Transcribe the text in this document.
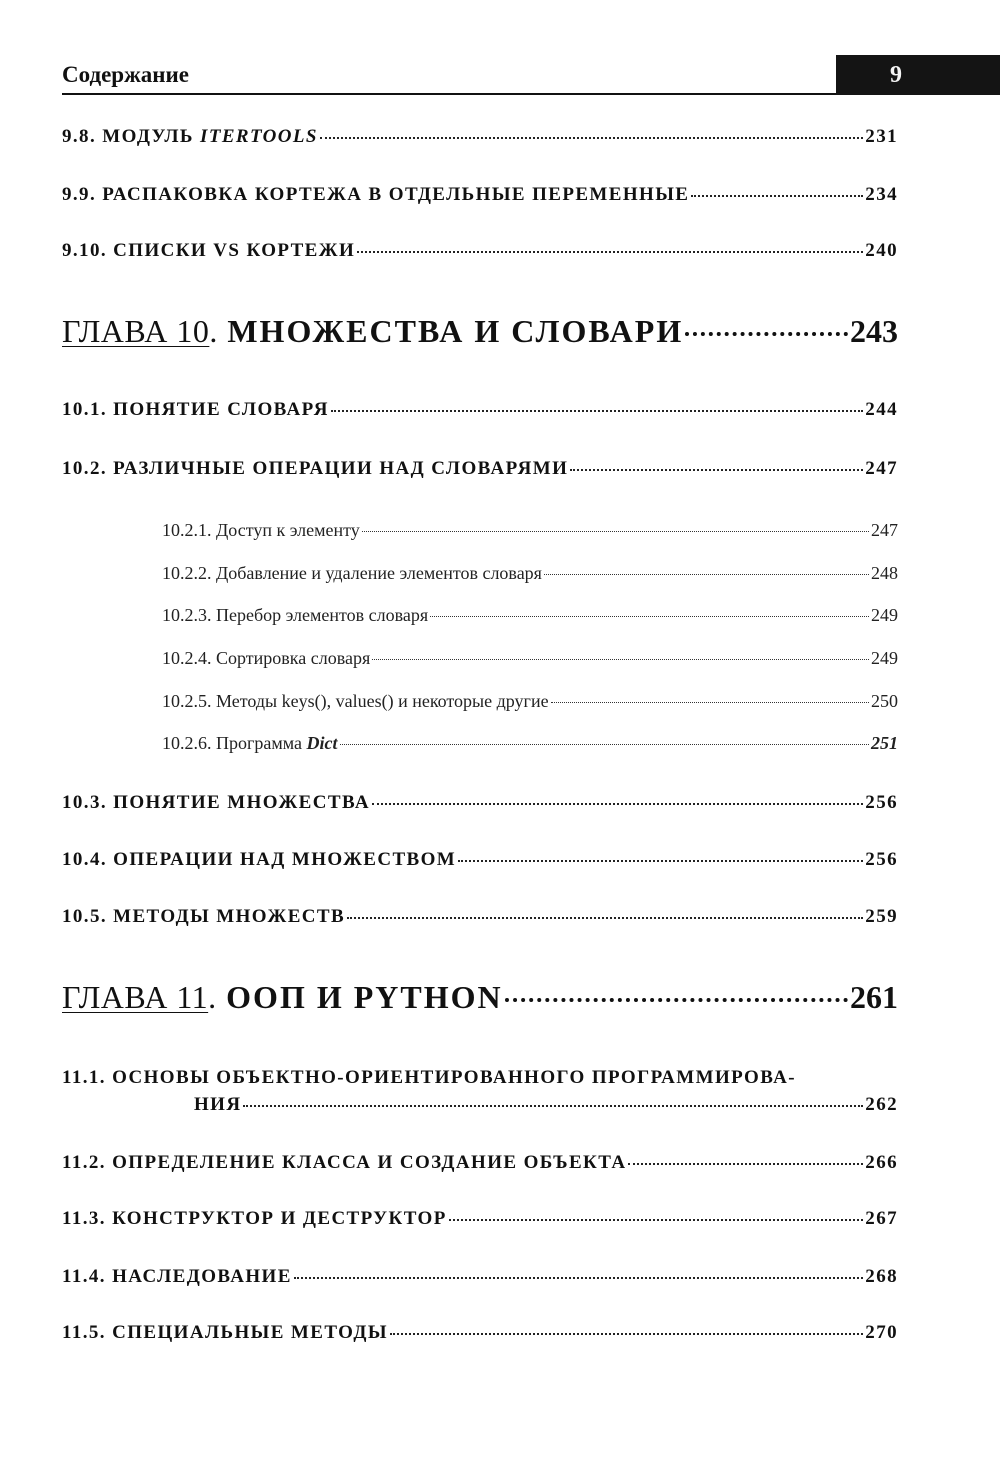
Содержание	9
9.8. МОДУЛЬ ITERTOOLS	231
9.9. РАСПАКОВКА КОРТЕЖА В ОТДЕЛЬНЫЕ ПЕРЕМЕННЫЕ	234
9.10. СПИСКИ VS КОРТЕЖИ	240
ГЛАВА 10 . МНОЖЕСТВА И СЛОВАРИ	243
10.1. ПОНЯТИЕ СЛОВАРЯ	244
10.2. РАЗЛИЧНЫЕ ОПЕРАЦИИ НАД СЛОВАРЯМИ	247
10.2.1. Доступ к элементу	247
10.2.2. Добавление и удаление элементов словаря	248
10.2.3. Перебор элементов словаря	249
10.2.4. Сортировка словаря	249
10.2.5. Методы keys(), values() и некоторые другие	250
10.2.6. Программа Dict	251
10.3. ПОНЯТИЕ МНОЖЕСТВА	256
10.4. ОПЕРАЦИИ НАД МНОЖЕСТВОМ	256
10.5. МЕТОДЫ МНОЖЕСТВ	259
ГЛАВА 11 . ООП И PYTHON	261
11.1. ОСНОВЫ ОБЪЕКТНО-ОРИЕНТИРОВАННОГО ПРОГРАММИРОВА-
НИЯ	262
11.2. ОПРЕДЕЛЕНИЕ КЛАССА И СОЗДАНИЕ ОБЪЕКТА	266
11.3. КОНСТРУКТОР И ДЕСТРУКТОР	267
11.4. НАСЛЕДОВАНИЕ	268
11.5. СПЕЦИАЛЬНЫЕ МЕТОДЫ	270
